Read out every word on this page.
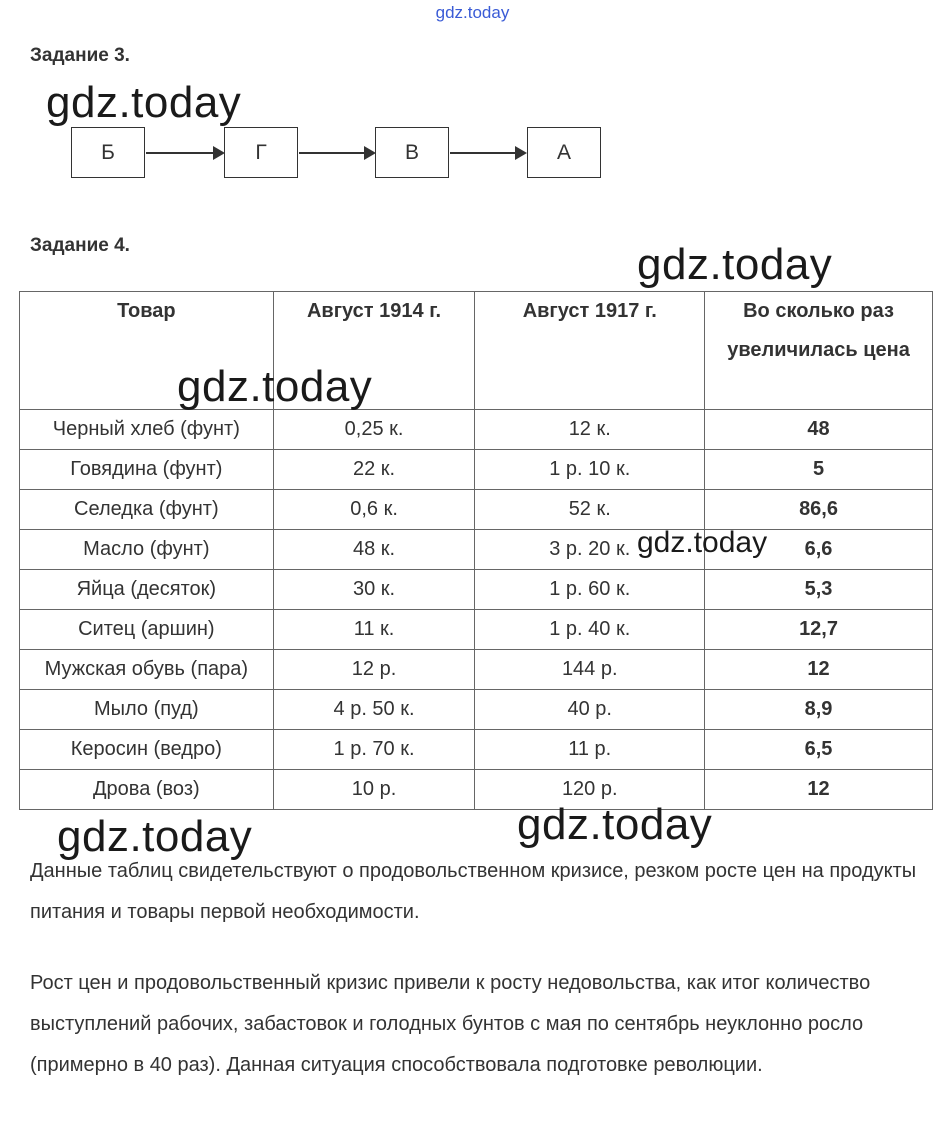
gdz.today
Задание 3.
Б	Г	В	А
Задание 4.
Товар	Август 1914 г.	Август 1917 г.	Во сколько раз увеличилась цена
Черный хлеб (фунт)	0,25 к.	12 к.	48
Говядина (фунт)	22 к.	1 р. 10 к.	5
Селедка (фунт)	0,6 к.	52 к.	86,6
Масло (фунт)	48 к.	3 р. 20 к.	6,6
Яйца (десяток)	30 к.	1 р. 60 к.	5,3
Ситец (аршин)	11 к.	1 р. 40 к.	12,7
Мужская обувь (пара)	12 р.	144 р.	12
Мыло (пуд)	4 р. 50 к.	40 р.	8,9
Керосин (ведро)	1 р. 70 к.	11 р.	6,5
Дрова (воз)	10 р.	120 р.	12
Данные таблиц свидетельствуют о продовольственном кризисе, резком росте цен на продукты питания и товары первой необходимости.
Рост цен и продовольственный кризис привели к росту недовольства, как итог количество выступлений рабочих, забастовок и голодных бунтов с мая по сентябрь неуклонно росло (примерно в 40 раз). Данная ситуация способствовала подготовке революции.
gdz.today
gdz.today
gdz.today
gdz.today
gdz.today	gdz.today
